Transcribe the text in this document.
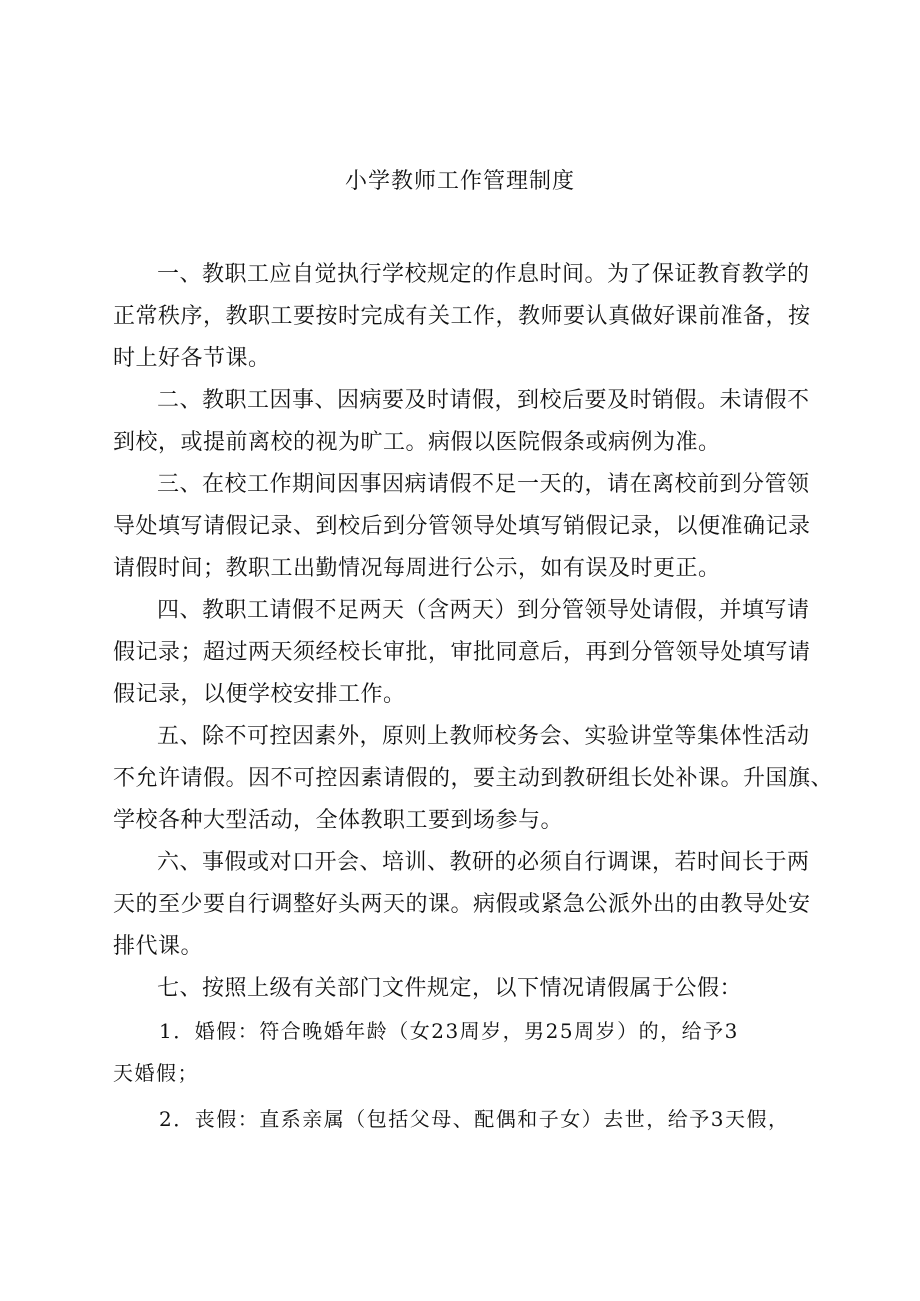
小学教师工作管理制度

一、教职工应自觉执行学校规定的作息时间。为了保证教育教学的
正常秩序，教职工要按时完成有关工作，教师要认真做好课前准备，按
时上好各节课。

二、教职工因事、因病要及时请假，到校后要及时销假。未请假不
到校，或提前离校的视为旷工。病假以医院假条或病例为准。

三、在校工作期间因事因病请假不足一天的，请在离校前到分管领
导处填写请假记录、到校后到分管领导处填写销假记录，以便准确记录
请假时间；教职工出勤情况每周进行公示，如有误及时更正。

四、教职工请假不足两天（含两天）到分管领导处请假，并填写请
假记录；超过两天须经校长审批，审批同意后，再到分管领导处填写请
假记录，以便学校安排工作。

五、除不可控因素外，原则上教师校务会、实验讲堂等集体性活动
不允许请假。因不可控因素请假的，要主动到教研组长处补课。升国旗、
学校各种大型活动，全体教职工要到场参与。

六、事假或对口开会、培训、教研的必须自行调课，若时间长于两
天的至少要自行调整好头两天的课。病假或紧急公派外出的由教导处安
排代课。

七、按照上级有关部门文件规定，以下情况请假属于公假：

1．婚假：符合晚婚年龄（女23周岁，男25周岁）的，给予3
天婚假；

2．丧假：直系亲属（包括父母、配偶和子女）去世，给予3天假，
